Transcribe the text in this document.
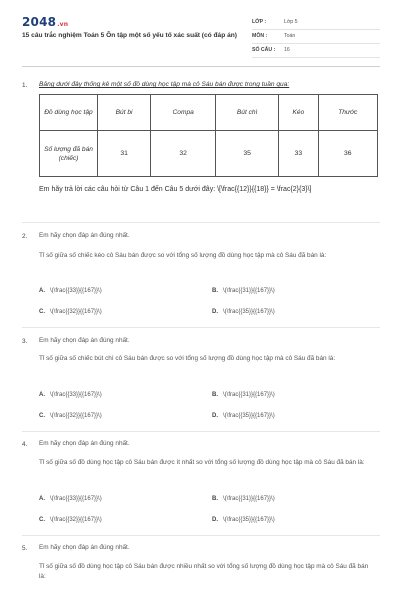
2048.vn
15 câu trắc nghiệm Toán 5 Ôn tập một số yếu tố xác suất (có đáp án)
LỚP :	Lớp 5
MÔN :	Toán
SỐ CÂU : 16
1. Bảng dưới đây thống kê một số đồ dùng học tập mà cô Sáu bán được trong tuần qua:
Đồ dùng học tập	Bút bi	Compa	Bút chì	Kéo	Thước
Số lượng đã bán (chiếc)	31	32	35	33	36
Em hãy trả lời các câu hỏi từ Câu 1 đến Câu 5 dưới đây: \[\frac{{12}}{{18}} = \frac{2}{3}\]
2. Em hãy chọn đáp án đúng nhất.
Tỉ số giữa số chiếc kéo cô Sáu bán được so với tổng số lượng đồ dùng học tập mà cô Sáu đã bán là:
A. \(\frac{{33}}{{167}}\)	B. \(\frac{{31}}{{167}}\)
C. \(\frac{{32}}{{167}}\)	D. \(\frac{{35}}{{167}}\)
3. Em hãy chọn đáp án đúng nhất.
Tỉ số giữa số chiếc bút chì cô Sáu bán được so với tổng số lượng đồ dùng học tập mà cô Sáu đã bán là:
A. \(\frac{{33}}{{167}}\)	B. \(\frac{{31}}{{167}}\)
C. \(\frac{{32}}{{167}}\)	D. \(\frac{{35}}{{167}}\)
4. Em hãy chọn đáp án đúng nhất.
Tỉ số giữa số đồ dùng học tập cô Sáu bán được ít nhất so với tổng số lượng đồ dùng học tập mà cô Sáu đã bán là:
A. \(\frac{{33}}{{167}}\)	B. \(\frac{{31}}{{167}}\)
C. \(\frac{{32}}{{167}}\)	D. \(\frac{{35}}{{167}}\)
5. Em hãy chọn đáp án đúng nhất.
Tỉ số giữa số đồ dùng học tập cô Sáu bán được nhiều nhất so với tổng số lượng đồ dùng học tập mà cô Sáu đã bán là:
